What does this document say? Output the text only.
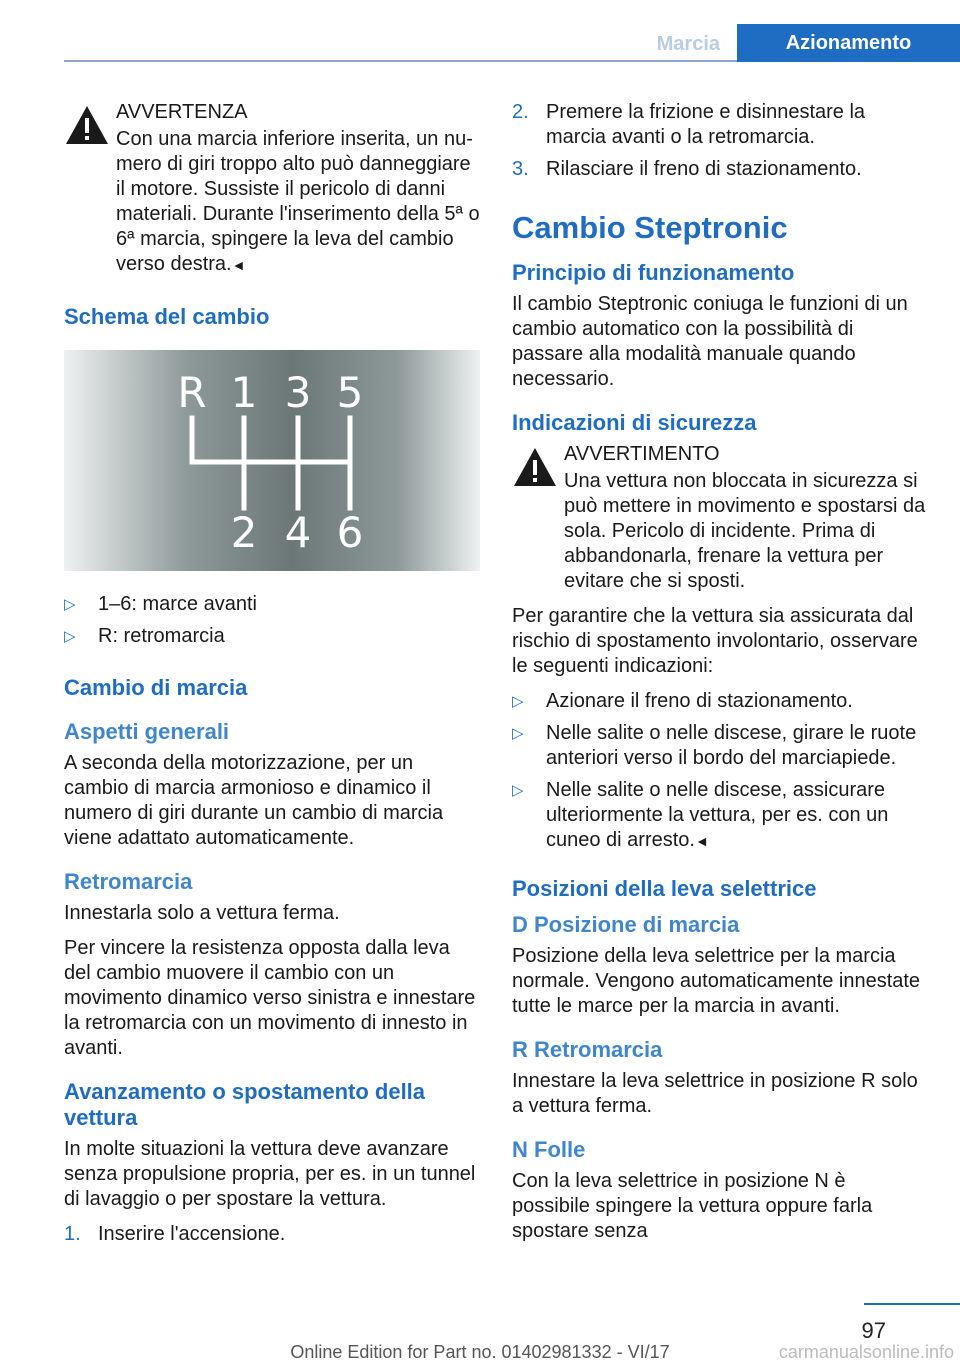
Marcia	Azionamento
AVVERTENZA

Con una marcia inferiore inserita, un numero di giri troppo alto può danneggiare il motore. Sussiste il pericolo di danni materiali. Durante l'inserimento della 5ª o 6ª marcia, spingere la leva del cambio verso destra.◄

Schema del cambio
R 1 3 5
2 4 6
▷ 1–6: marce avanti
▷ R: retromarcia
Cambio di marcia
Aspetti generali

A seconda della motorizzazione, per un cambio di marcia armonioso e dinamico il numero di giri durante un cambio di marcia viene adattato automaticamente.

Retromarcia

Innestarla solo a vettura ferma.

Per vincere la resistenza opposta dalla leva del cambio muovere il cambio con un movimento dinamico verso sinistra e innestare la retromarcia con un movimento di innesto in avanti.

Avanzamento o spostamento della vettura

In molte situazioni la vettura deve avanzare senza propulsione propria, per es. in un tunnel di lavaggio o per spostare la vettura.

1. Inserire l'accensione.
2. Premere la frizione e disinnestare la marcia avanti o la retromarcia.
3. Rilasciare il freno di stazionamento.
Cambio Steptronic
Principio di funzionamento

Il cambio Steptronic coniuga le funzioni di un cambio automatico con la possibilità di passare alla modalità manuale quando necessario.

Indicazioni di sicurezza
AVVERTIMENTO

Una vettura non bloccata in sicurezza si può mettere in movimento e spostarsi da sola. Pericolo di incidente. Prima di abbandonarla, frenare la vettura per evitare che si sposti.

Per garantire che la vettura sia assicurata dal rischio di spostamento involontario, osservare le seguenti indicazioni:

▷ Azionare il freno di stazionamento.
▷ Nelle salite o nelle discese, girare le ruote anteriori verso il bordo del marciapiede.
▷ Nelle salite o nelle discese, assicurare ulteriormente la vettura, per es. con un cuneo di arresto.◄
Posizioni della leva selettrice
D Posizione di marcia

Posizione della leva selettrice per la marcia normale. Vengono automaticamente innestate tutte le marce per la marcia in avanti.

R Retromarcia

Innestare la leva selettrice in posizione R solo a vettura ferma.

N Folle

Con la leva selettrice in posizione N è possibile spingere la vettura oppure farla spostare senza

97
Online Edition for Part no. 01402981332 - VI/17	carmanualsonline.info
